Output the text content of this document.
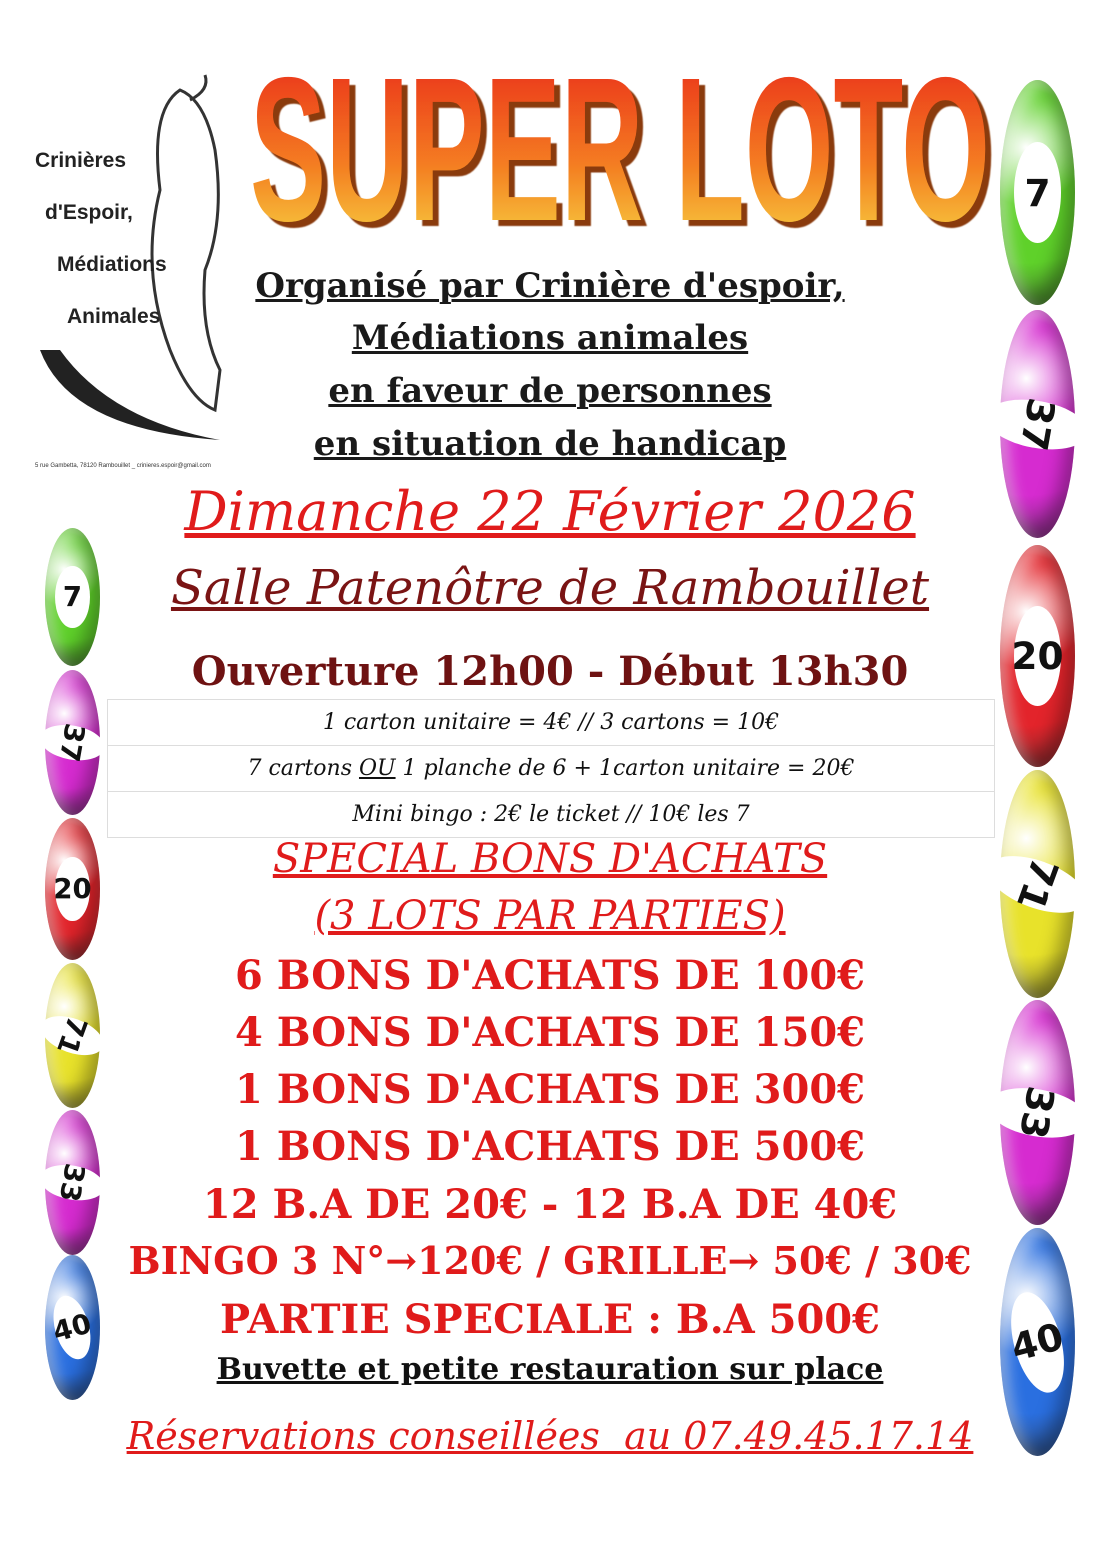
SUPER LOTO
Crinières
d'Espoir,
Médiations
Animales
5 rue Gambetta, 78120 Rambouillet _ crinieres.espoir@gmail.com
7
37
20
71
33
40
7
37
20
71
33
40
Organisé par Crinière d'espoir,
Médiations animales
en faveur de personnes
en situation de handicap
Dimanche 22 Février 2026
Salle Patenôtre de Rambouillet
Ouverture 12h00 - Début 13h30
1 carton unitaire = 4€ // 3 cartons = 10€
7 cartons OU 1 planche de 6 + 1carton unitaire = 20€
Mini bingo : 2€ le ticket // 10€ les 7
SPECIAL BONS D'ACHATS
(3 LOTS PAR PARTIES)
6 BONS D'ACHATS DE 100€
4 BONS D'ACHATS DE 150€
1 BONS D'ACHATS DE 300€
1 BONS D'ACHATS DE 500€
12 B.A DE 20€ - 12 B.A DE 40€
BINGO 3 N°→120€ / GRILLE→ 50€ / 30€
PARTIE SPECIALE : B.A 500€
Buvette et petite restauration sur place
Réservations conseillées  au 07.49.45.17.14
